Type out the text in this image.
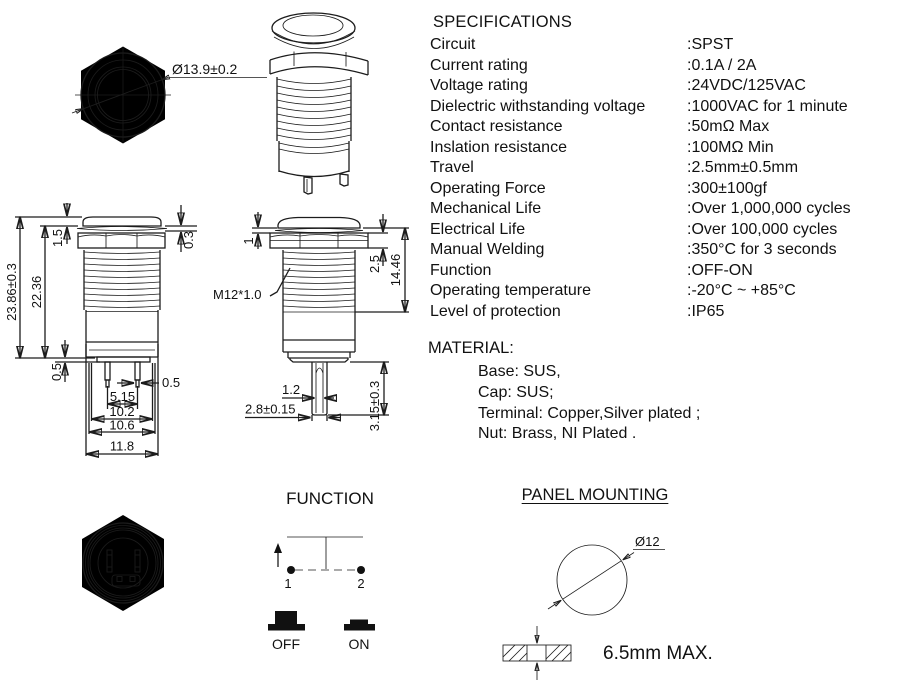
Ø13.9±0.2
SPECIFICATIONS
Circuit	:SPST
Current rating	:0.1A / 2A
Voltage rating	:24VDC/125VAC
Dielectric withstanding voltage	:1000VAC for 1 minute
Contact resistance	:50mΩ Max
Inslation resistance	:100MΩ Min
Travel	:2.5mm±0.5mm
Operating Force	:300±100gf
Mechanical Life	:Over 1,000,000 cycles
Electrical Life	:Over 100,000 cycles
Manual Welding	:350°C for 3 seconds
Function	:OFF-ON
Operating temperature	:-20°C ~ +85°C
Level of protection	:IP65
MATERIAL:
Base: SUS,
Cap: SUS;
Terminal: Copper,Silver plated ;
Nut: Brass, NI Plated .
23.86±0.3 22.36
1.5	0.3
0.5
0.5
5.15
10.2
10.6
11.8
1
M12*1.0
2.5 14.46
1.2
2.8±0.15	3.15±0.3
FUNCTION
1	2
OFF	ON
PANEL MOUNTING
Ø12
6.5mm MAX.
